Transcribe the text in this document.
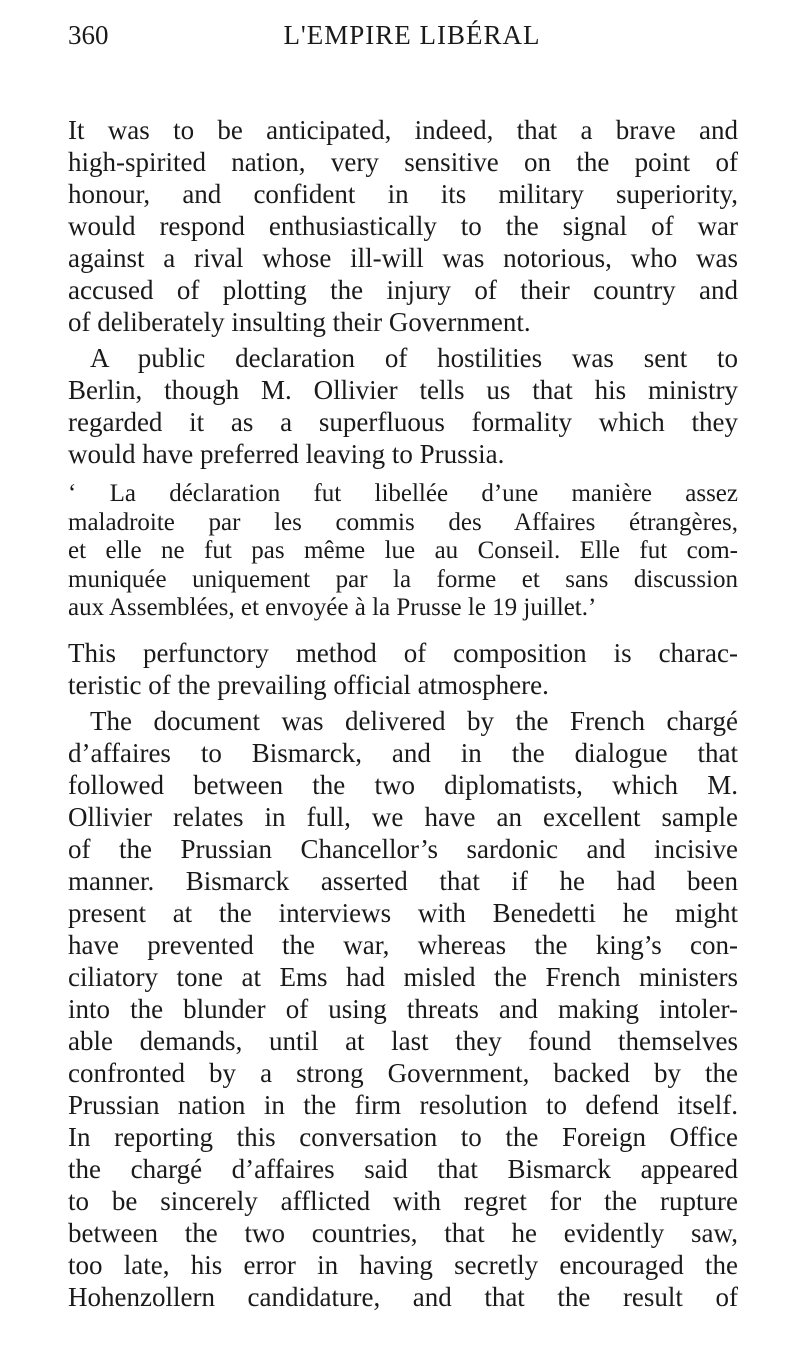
360	L'EMPIRE LIBÉRAL
It was to be anticipated, indeed, that a brave and
high-spirited nation, very sensitive on the point of
honour, and confident in its military superiority,
would respond enthusiastically to the signal of war
against a rival whose ill-will was notorious, who was
accused of plotting the injury of their country and
of deliberately insulting their Government.
A public declaration of hostilities was sent to
Berlin, though M. Ollivier tells us that his ministry
regarded it as a superfluous formality which they
would have preferred leaving to Prussia.
‘ La déclaration fut libellée d’une manière assez
maladroite par les commis des Affaires étrangères,
et elle ne fut pas même lue au Conseil. Elle fut com-
muniquée uniquement par la forme et sans discussion
aux Assemblées, et envoyée à la Prusse le 19 juillet.’
This perfunctory method of composition is charac-
teristic of the prevailing official atmosphere.
The document was delivered by the French chargé
d’affaires to Bismarck, and in the dialogue that
followed between the two diplomatists, which M.
Ollivier relates in full, we have an excellent sample
of the Prussian Chancellor’s sardonic and incisive
manner. Bismarck asserted that if he had been
present at the interviews with Benedetti he might
have prevented the war, whereas the king’s con-
ciliatory tone at Ems had misled the French ministers
into the blunder of using threats and making intoler-
able demands, until at last they found themselves
confronted by a strong Government, backed by the
Prussian nation in the firm resolution to defend itself.
In reporting this conversation to the Foreign Office
the chargé d’affaires said that Bismarck appeared
to be sincerely afflicted with regret for the rupture
between the two countries, that he evidently saw,
too late, his error in having secretly encouraged the
Hohenzollern candidature, and that the result of
